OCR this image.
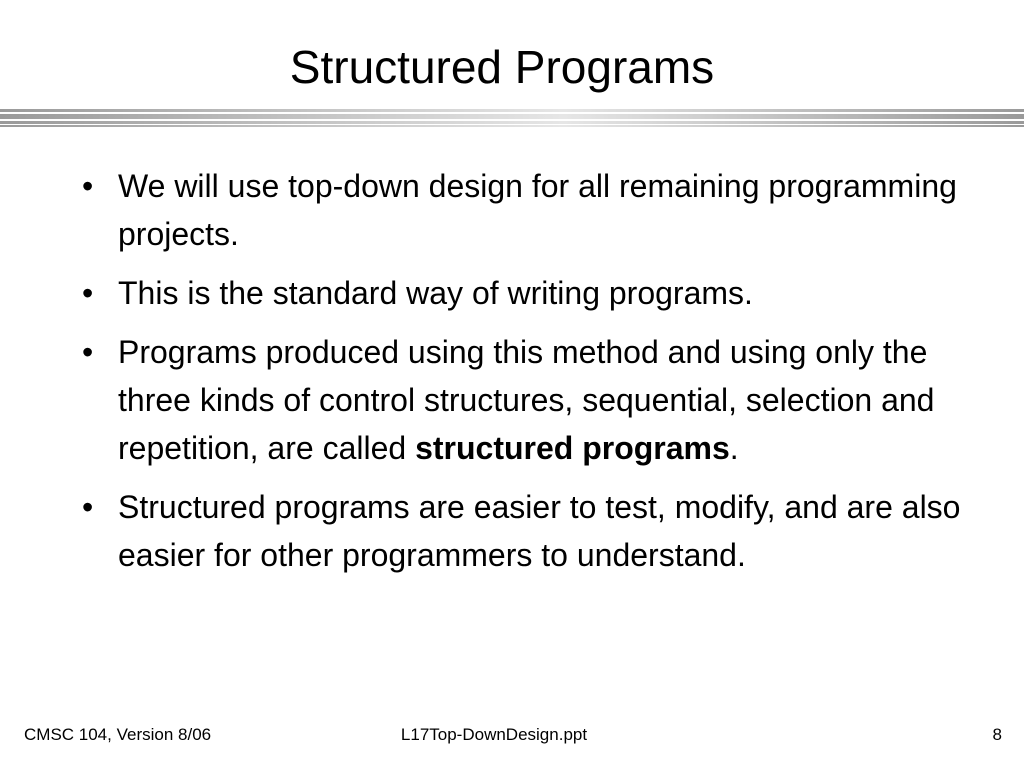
Structured Programs
• We will use top-down design for all remaining programming projects.
• This is the standard way of writing programs.
• Programs produced using this method and using only the three kinds of control structures, sequential, selection and repetition, are called structured programs.
• Structured programs are easier to test, modify, and are also easier for other programmers to understand.
CMSC 104, Version 8/06	L17Top-DownDesign.ppt	8
